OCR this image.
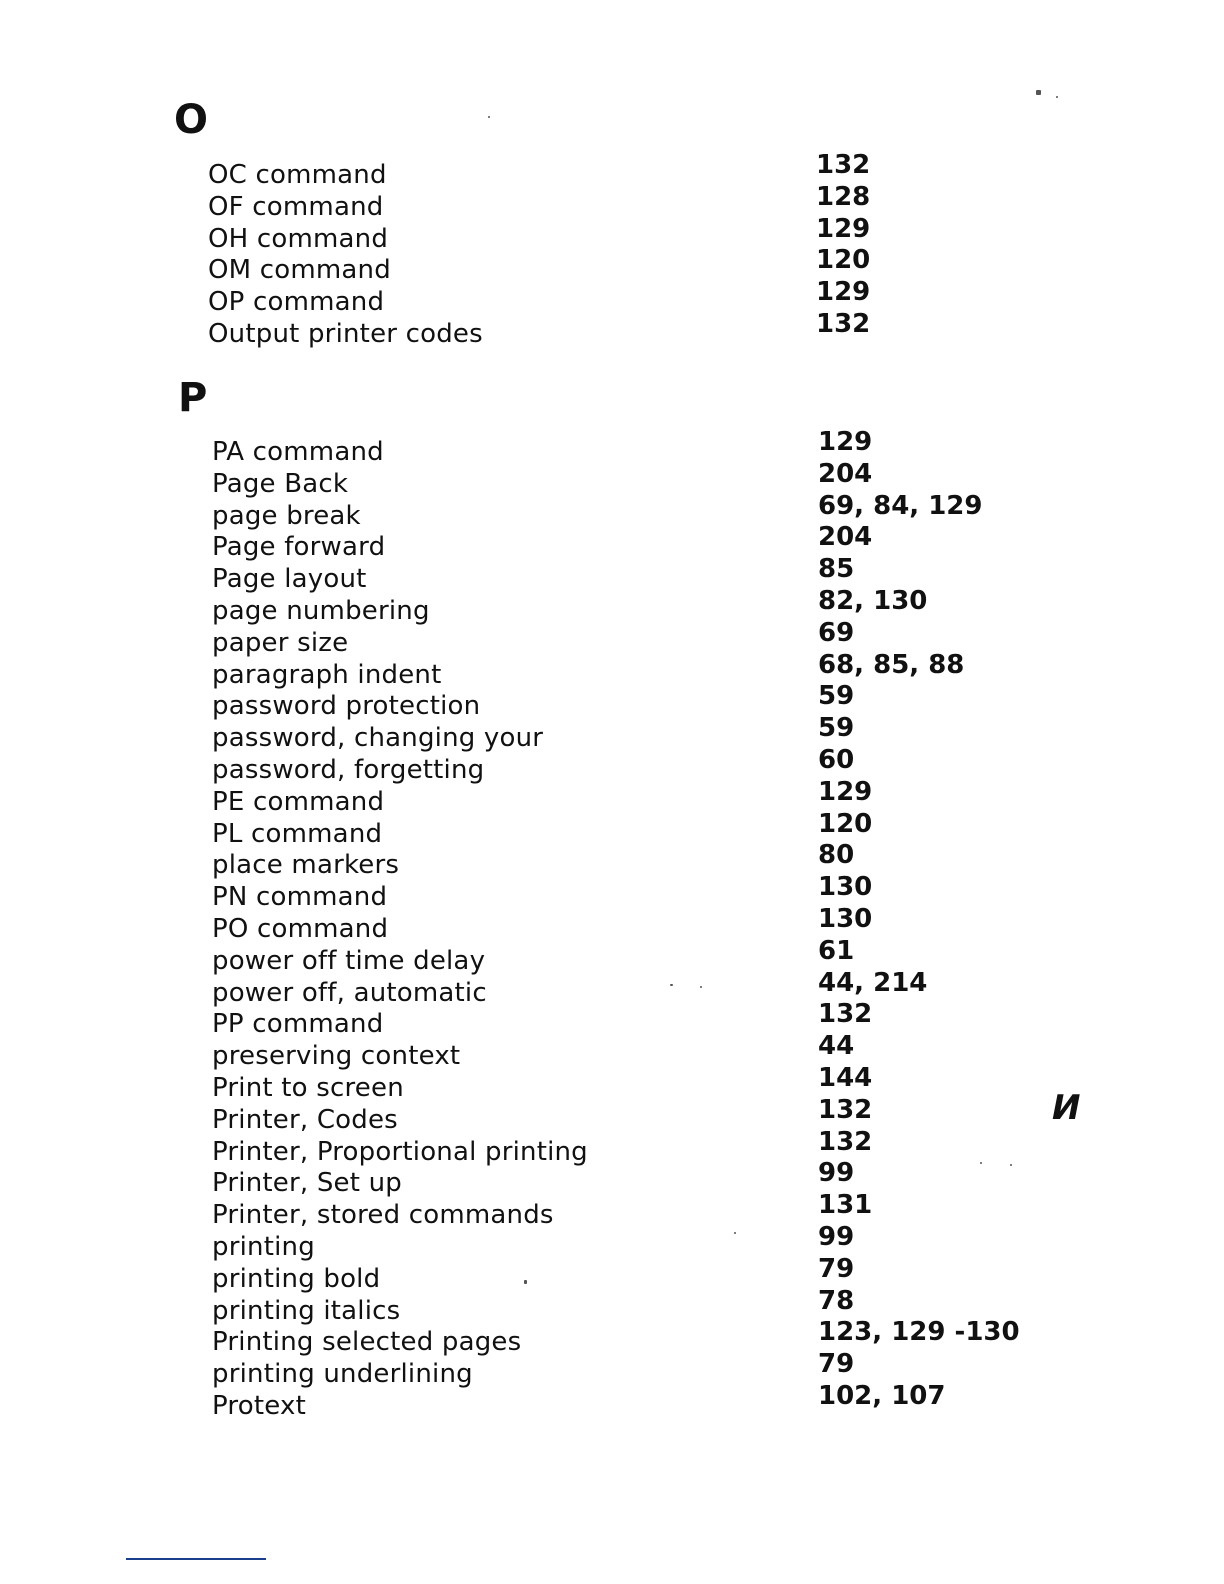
O
OC command
OF command
OH command
OM command
OP command
Output printer codes
132
128
129
120
129
132
P
PA command
Page Back
page break
Page forward
Page layout
page numbering
paper size
paragraph indent
password protection
password, changing your
password, forgetting
PE command
PL command
place markers
PN command
PO command
power off time delay
power off, automatic
PP command
preserving context
Print to screen
Printer, Codes
Printer, Proportional printing
Printer, Set up
Printer, stored commands
printing
printing bold
printing italics
Printing selected pages
printing underlining
Protext
129
204
69, 84, 129
204
85
82, 130
69
68, 85, 88
59
59
60
129
120
80
130
130
61
44, 214
132
44
144
132
132
99
131
99
79
78
123, 129 -130
79
102, 107
И
